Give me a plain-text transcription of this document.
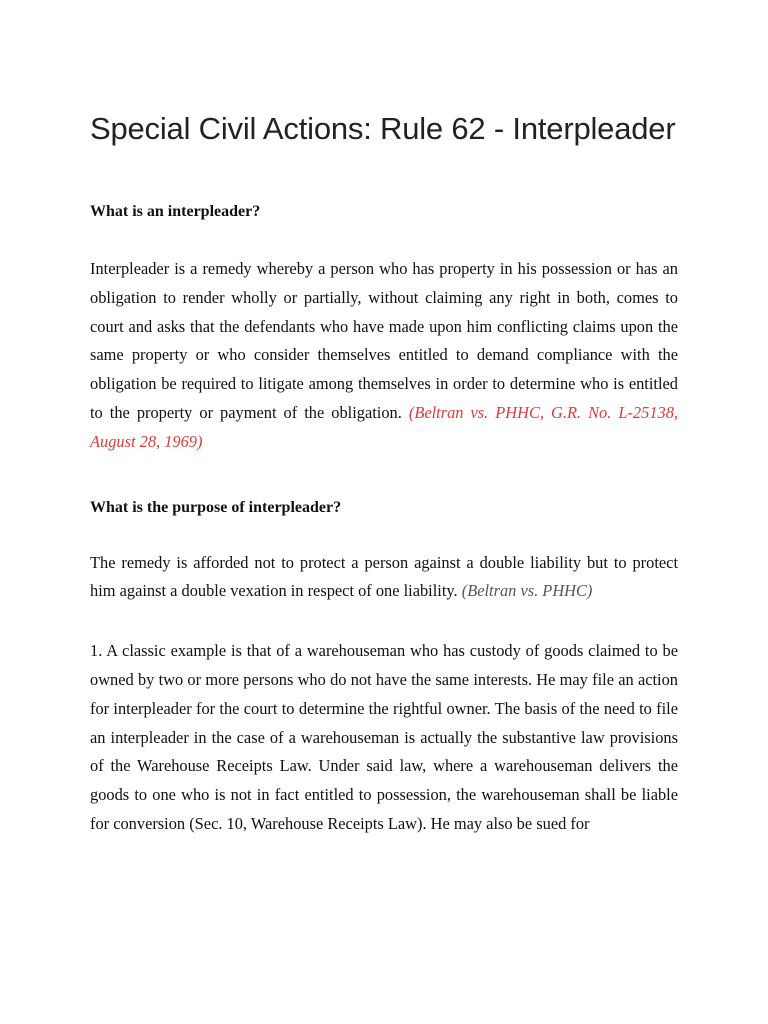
Special Civil Actions: Rule 62 - Interpleader
What is an interpleader?

Interpleader is a remedy whereby a person who has property in his possession or has an obligation to render wholly or partially, without claiming any right in both, comes to court and asks that the defendants who have made upon him conflicting claims upon the same property or who consider themselves entitled to demand compliance with the obligation be required to litigate among themselves in order to determine who is entitled to the property or payment of the obligation. (Beltran vs. PHHC, G.R. No. L-25138, August 28, 1969)

What is the purpose of interpleader?

The remedy is afforded not to protect a person against a double liability but to protect him against a double vexation in respect of one liability. (Beltran vs. PHHC)

1. A classic example is that of a warehouseman who has custody of goods claimed to be owned by two or more persons who do not have the same interests. He may file an action for interpleader for the court to determine the rightful owner. The basis of the need to file an interpleader in the case of a warehouseman is actually the substantive law provisions of the Warehouse Receipts Law. Under said law, where a warehouseman delivers the goods to one who is not in fact entitled to possession, the warehouseman shall be liable for conversion (Sec. 10, Warehouse Receipts Law). He may also be sued for
